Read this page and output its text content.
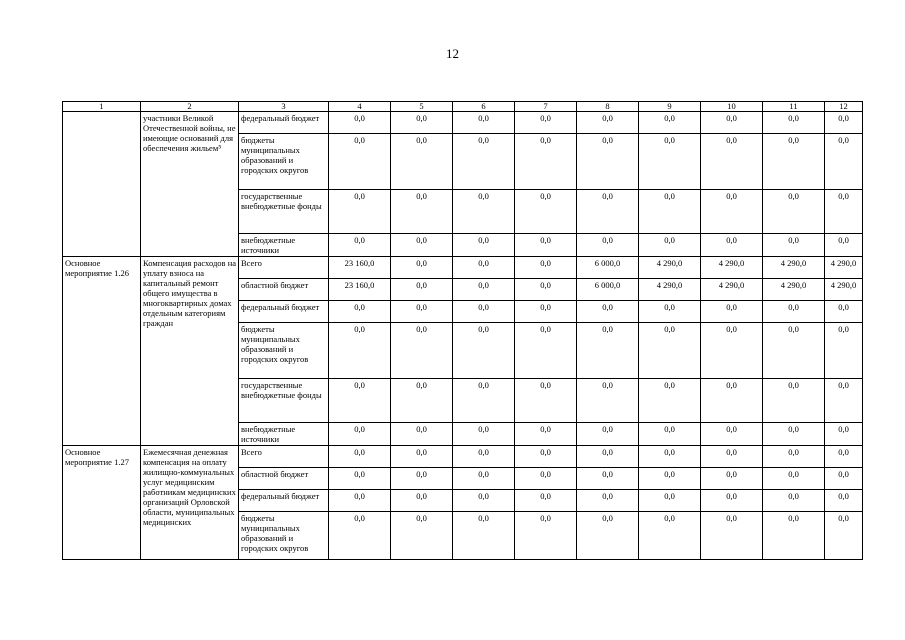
12
1	2	3	4	5	6	7	8	9	10	11	12
	участники Великой Отечественной войны, не имеющие оснований для обеспечения жильем⁵	федеральный бюджет	0,0	0,0	0,0	0,0	0,0	0,0	0,0	0,0	0,0
		бюджеты муниципальных образований и городских округов	0,0	0,0	0,0	0,0	0,0	0,0	0,0	0,0	0,0
		государственные внебюджетные фонды	0,0	0,0	0,0	0,0	0,0	0,0	0,0	0,0	0,0
		внебюджетные источники	0,0	0,0	0,0	0,0	0,0	0,0	0,0	0,0	0,0
Основное мероприятие 1.26	Компенсация расходов на уплату взноса на капитальный ремонт общего имущества в многоквартирных домах отдельным категориям граждан	Всего	23 160,0	0,0	0,0	0,0	6 000,0	4 290,0	4 290,0	4 290,0	4 290,0
		областной бюджет	23 160,0	0,0	0,0	0,0	6 000,0	4 290,0	4 290,0	4 290,0	4 290,0
		федеральный бюджет	0,0	0,0	0,0	0,0	0,0	0,0	0,0	0,0	0,0
		бюджеты муниципальных образований и городских округов	0,0	0,0	0,0	0,0	0,0	0,0	0,0	0,0	0,0
		государственные внебюджетные фонды	0,0	0,0	0,0	0,0	0,0	0,0	0,0	0,0	0,0
		внебюджетные источники	0,0	0,0	0,0	0,0	0,0	0,0	0,0	0,0	0,0
Основное мероприятие 1.27	Ежемесячная денежная компенсация на оплату жилищно-коммунальных услуг медицинским работникам медицинских организаций Орловской области, муниципальных медицинских	Всего	0,0	0,0	0,0	0,0	0,0	0,0	0,0	0,0	0,0
		областной бюджет	0,0	0,0	0,0	0,0	0,0	0,0	0,0	0,0	0,0
		федеральный бюджет	0,0	0,0	0,0	0,0	0,0	0,0	0,0	0,0	0,0
		бюджеты муниципальных образований и городских округов	0,0	0,0	0,0	0,0	0,0	0,0	0,0	0,0	0,0
